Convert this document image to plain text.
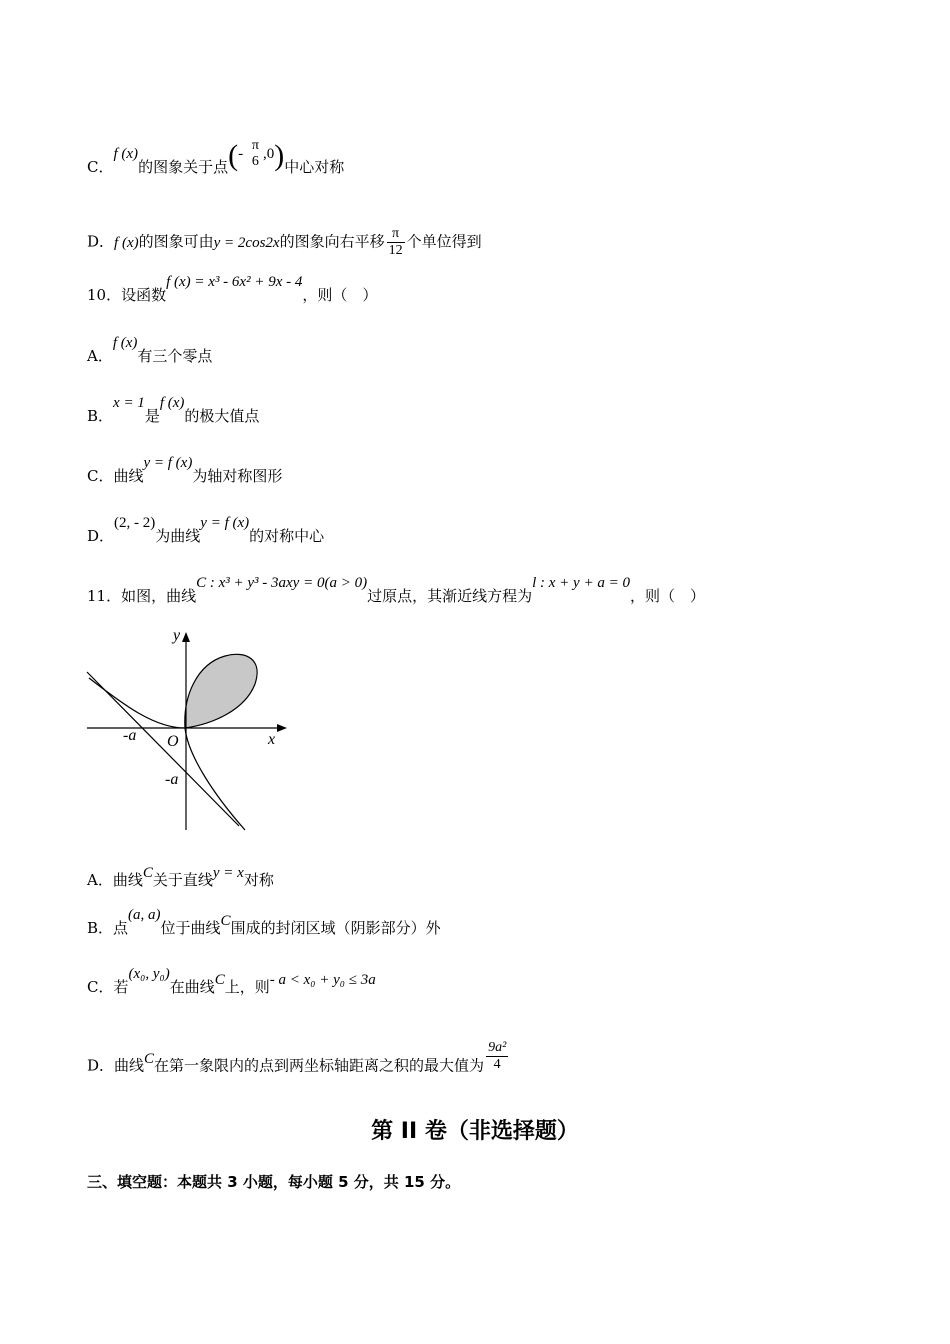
C．f (x)的图象关于点(-
π
6 ,0)中心对称
D．f (x)的图象可由y = 2cos2x的图象向右平移 $\frac{\pi}{12}$ 个单位得到
10．设函数f (x) = x³ - 6x² + 9x - 4，则（　）
A．f (x)有三个零点
B．x = 1是f (x)的极大值点
C．曲线y = f (x)为轴对称图形
D．(2, - 2)为曲线y = f (x)的对称中心
11．如图，曲线C : x³ + y³ - 3axy = 0(a > 0)过原点，其渐近线方程为l : x + y + a = 0，则（　）
y
x
O
-a
-a
A．曲线C关于直线y = x对称
B．点(a, a)位于曲线C围成的封闭区域（阴影部分）外
C．若(x₀, y₀)在曲线C上，则- a < x₀ + y₀ ≤ 3a
D．曲线C在第一象限内的点到两坐标轴距离之积的最大值为 $\frac{\text{9a²}}{4}$
第 II 卷（非选择题）
三、填空题：本题共 3 小题，每小题 5 分，共 15 分。
